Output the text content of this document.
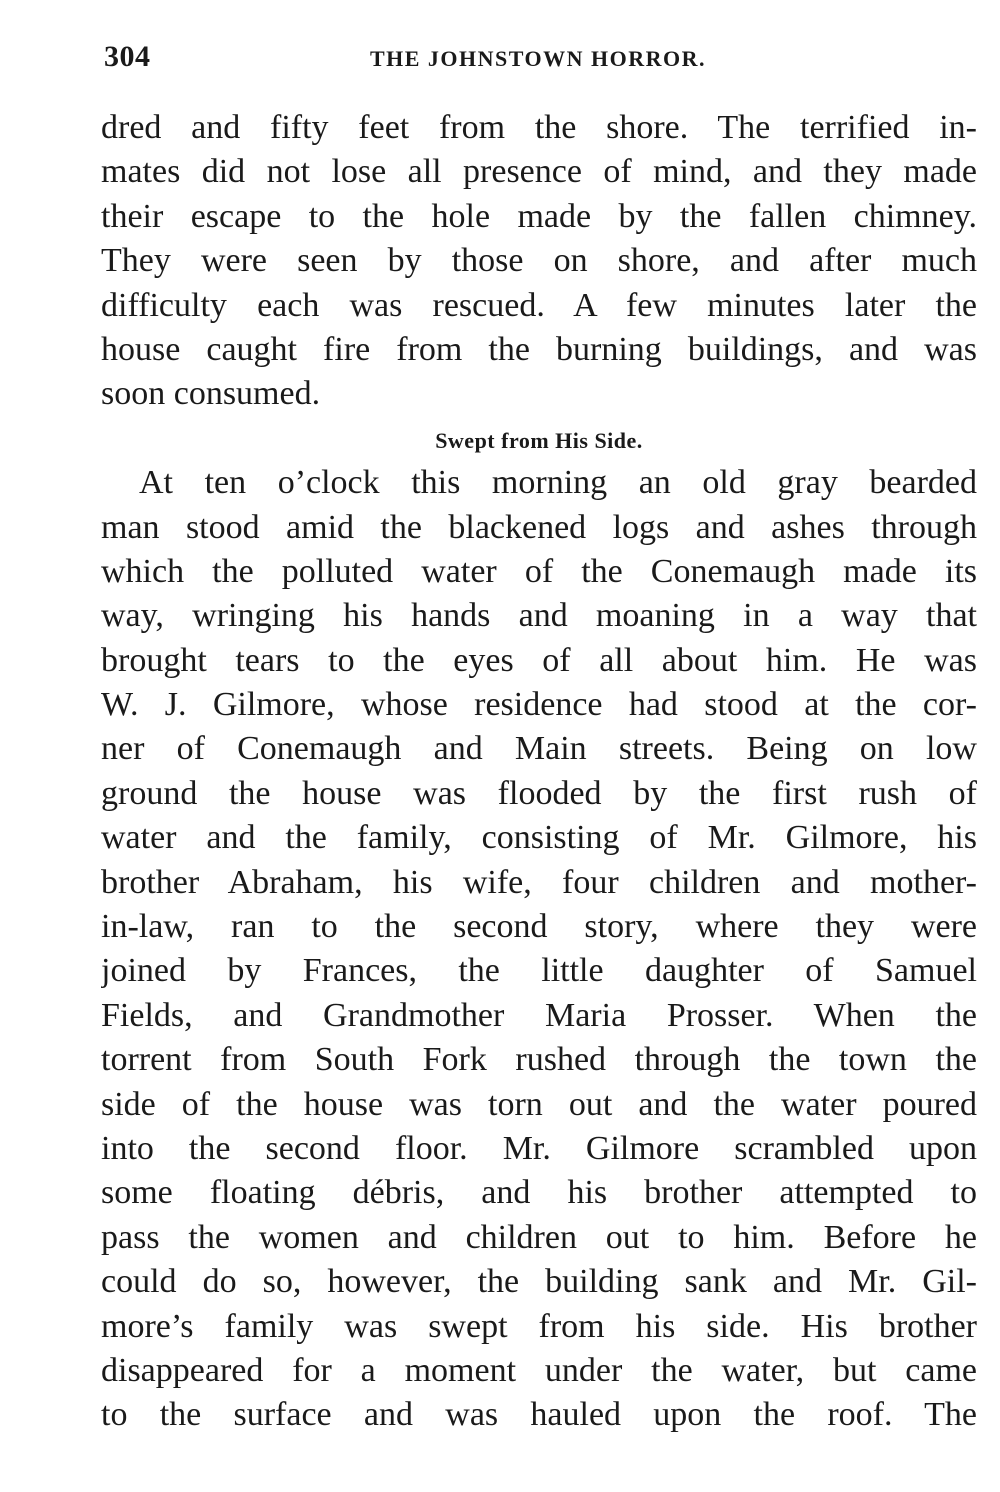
304	THE JOHNSTOWN HORROR.
dred and fifty feet from the shore. The terrified in-
mates did not lose all presence of mind, and they made
their escape to the hole made by the fallen chimney.
They were seen by those on shore, and after much
difficulty each was rescued. A few minutes later the
house caught fire from the burning buildings, and was
soon consumed.
Swept from His Side.
At ten o’clock this morning an old gray bearded
man stood amid the blackened logs and ashes through
which the polluted water of the Conemaugh made its
way, wringing his hands and moaning in a way that
brought tears to the eyes of all about him. He was
W. J. Gilmore, whose residence had stood at the cor-
ner of Conemaugh and Main streets. Being on low
ground the house was flooded by the first rush of
water and the family, consisting of Mr. Gilmore, his
brother Abraham, his wife, four children and mother-
in-law, ran to the second story, where they were
joined by Frances, the little daughter of Samuel
Fields, and Grandmother Maria Prosser. When the
torrent from South Fork rushed through the town the
side of the house was torn out and the water poured
into the second floor. Mr. Gilmore scrambled upon
some floating débris, and his brother attempted to
pass the women and children out to him. Before he
could do so, however, the building sank and Mr. Gil-
more’s family was swept from his side. His brother
disappeared for a moment under the water, but came
to the surface and was hauled upon the roof. The
